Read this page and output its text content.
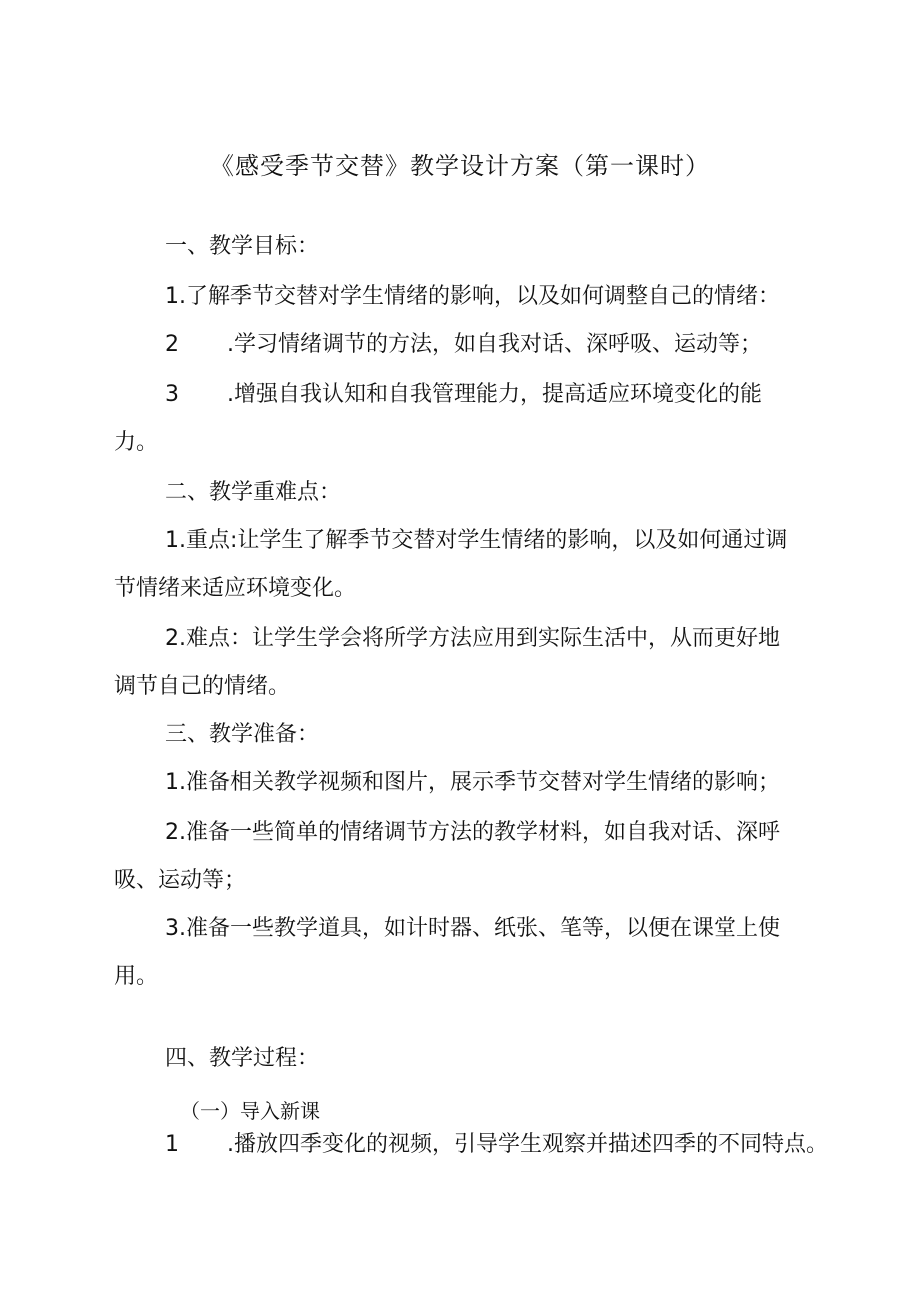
《感受季节交替》教学设计方案（第一课时）
一、教学目标：
1.了解季节交替对学生情绪的影响，以及如何调整自己的情绪：
2 .学习情绪调节的方法，如自我对话、深呼吸、运动等；
3 .增强自我认知和自我管理能力，提高适应环境变化的能
力。
二、教学重难点：
1.重点:让学生了解季节交替对学生情绪的影响，以及如何通过调
节情绪来适应环境变化。
2.难点：让学生学会将所学方法应用到实际生活中，从而更好地
调节自己的情绪。
三、教学准备：
1.准备相关教学视频和图片，展示季节交替对学生情绪的影响；
2.准备一些简单的情绪调节方法的教学材料，如自我对话、深呼
吸、运动等；
3.准备一些教学道具，如计时器、纸张、笔等，以便在课堂上使
用。
四、教学过程：
（一）导入新课
1 .播放四季变化的视频，引导学生观察并描述四季的不同特点。
